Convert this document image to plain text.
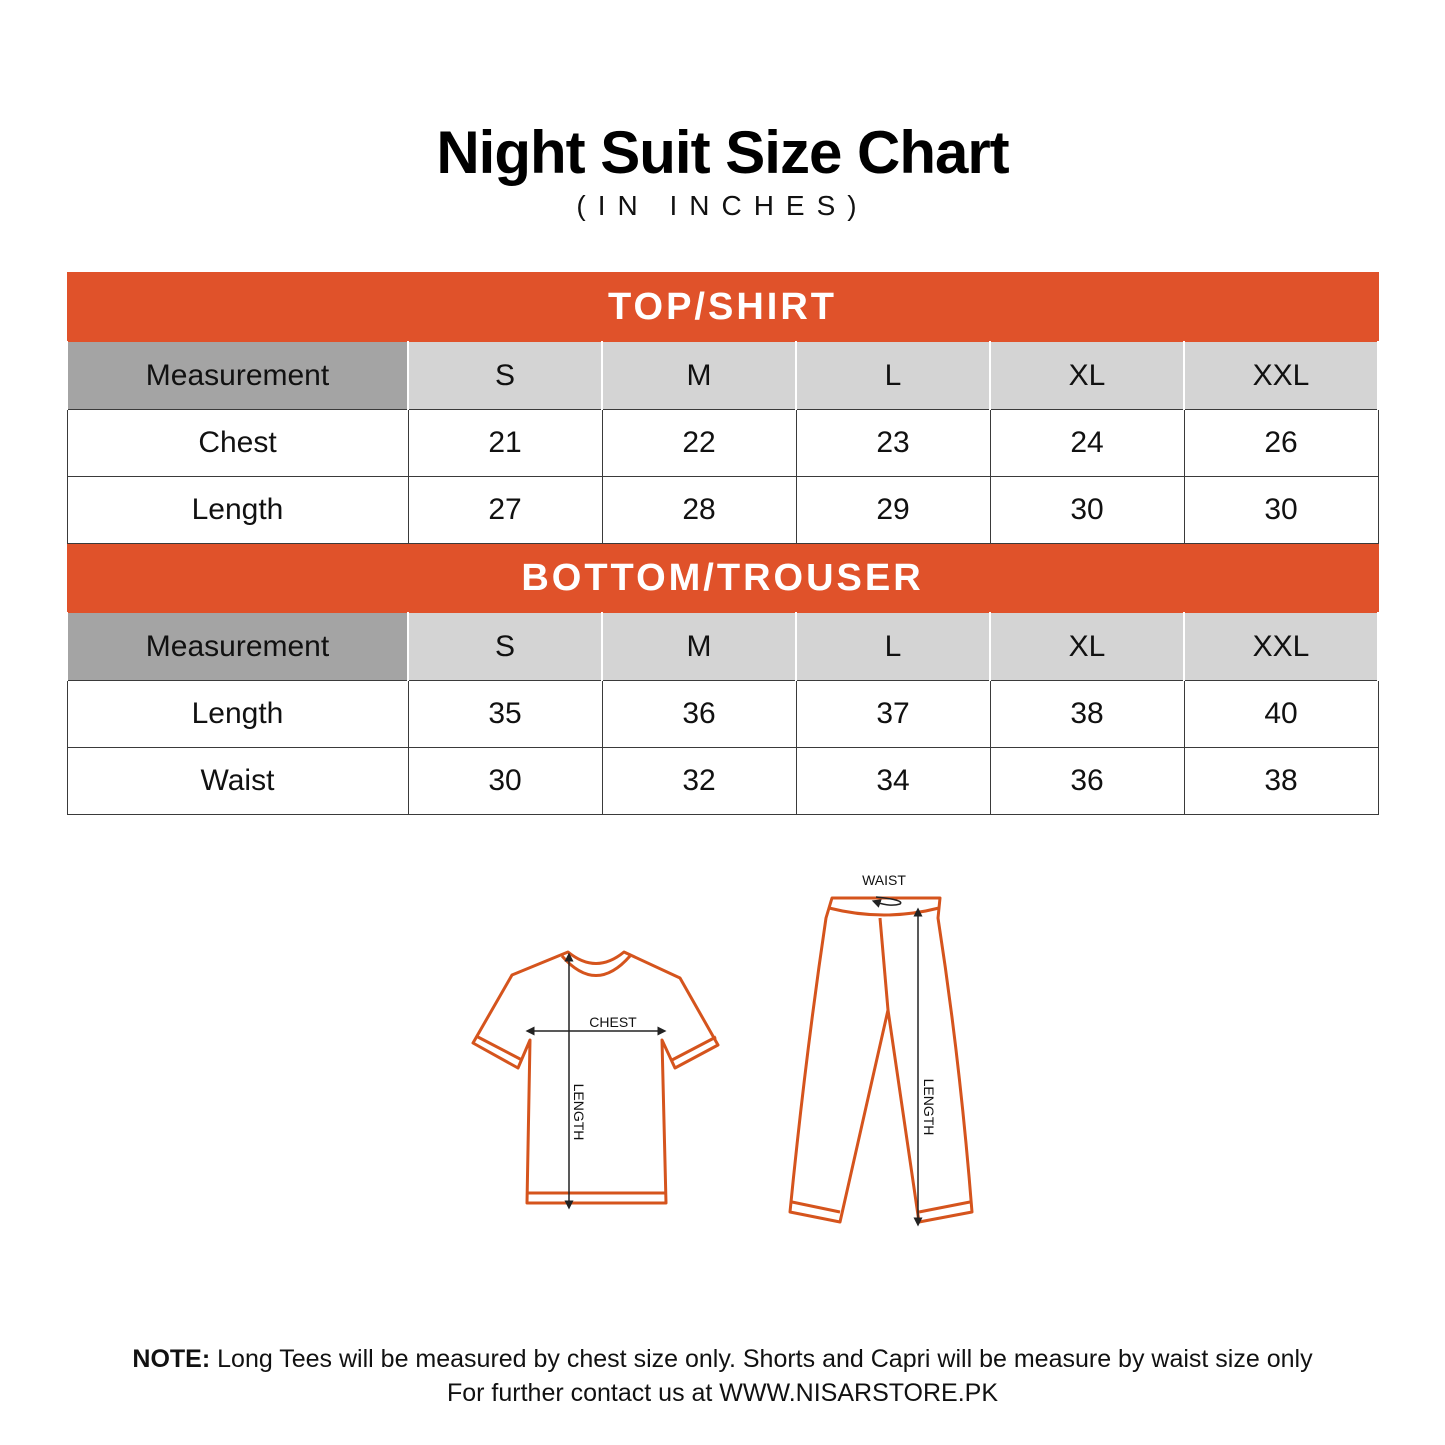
Night Suit Size Chart
(IN INCHES)
TOP/SHIRT					
Measurement	S	M	L	XL	XXL
Chest	21	22	23	24	26
Length	27	28	29	30	30
BOTTOM/TROUSER					
Measurement	S	M	L	XL	XXL
Length	35	36	37	38	40
Waist	30	32	34	36	38
CHEST
LENGTH
WAIST
LENGTH
NOTE: Long Tees will be measured by chest size only. Shorts and Capri will be measure by waist size only
For further contact us at WWW.NISARSTORE.PK
